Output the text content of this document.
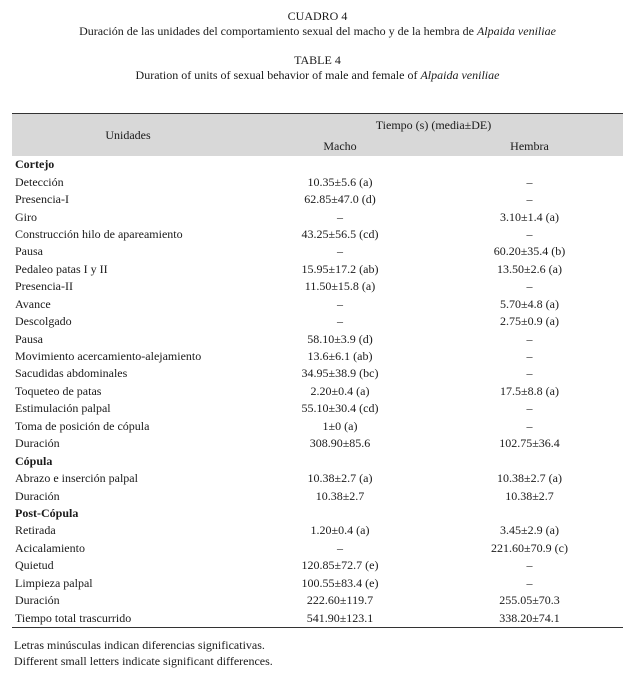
CUADRO 4
Duración de las unidades del comportamiento sexual del macho y de la hembra de Alpaida veniliae
TABLE 4
Duration of units of sexual behavior of male and female of Alpaida veniliae
Unidades	Tiempo (s) (media±DE)	
	Macho	Hembra
Cortejo		
Detección	10.35±5.6 (a)	–
Presencia-I	62.85±47.0 (d)	–
Giro	–	3.10±1.4 (a)
Construcción hilo de apareamiento	43.25±56.5 (cd)	–
Pausa	–	60.20±35.4 (b)
Pedaleo patas I y II	15.95±17.2 (ab)	13.50±2.6 (a)
Presencia-II	11.50±15.8 (a)	–
Avance	–	5.70±4.8 (a)
Descolgado	–	2.75±0.9 (a)
Pausa	58.10±3.9 (d)	–
Movimiento acercamiento-alejamiento	13.6±6.1 (ab)	–
Sacudidas abdominales	34.95±38.9 (bc)	–
Toqueteo de patas	2.20±0.4 (a)	17.5±8.8 (a)
Estimulación palpal	55.10±30.4 (cd)	–
Toma de posición de cópula	1±0 (a)	–
Duración	308.90±85.6	102.75±36.4
Cópula		
Abrazo e inserción palpal	10.38±2.7 (a)	10.38±2.7 (a)
Duración	10.38±2.7	10.38±2.7
Post-Cópula		
Retirada	1.20±0.4 (a)	3.45±2.9 (a)
Acicalamiento	–	221.60±70.9 (c)
Quietud	120.85±72.7 (e)	–
Limpieza palpal	100.55±83.4 (e)	–
Duración	222.60±119.7	255.05±70.3
Tiempo total trascurrido	541.90±123.1	338.20±74.1
Letras minúsculas indican diferencias significativas.
Different small letters indicate significant differences.
